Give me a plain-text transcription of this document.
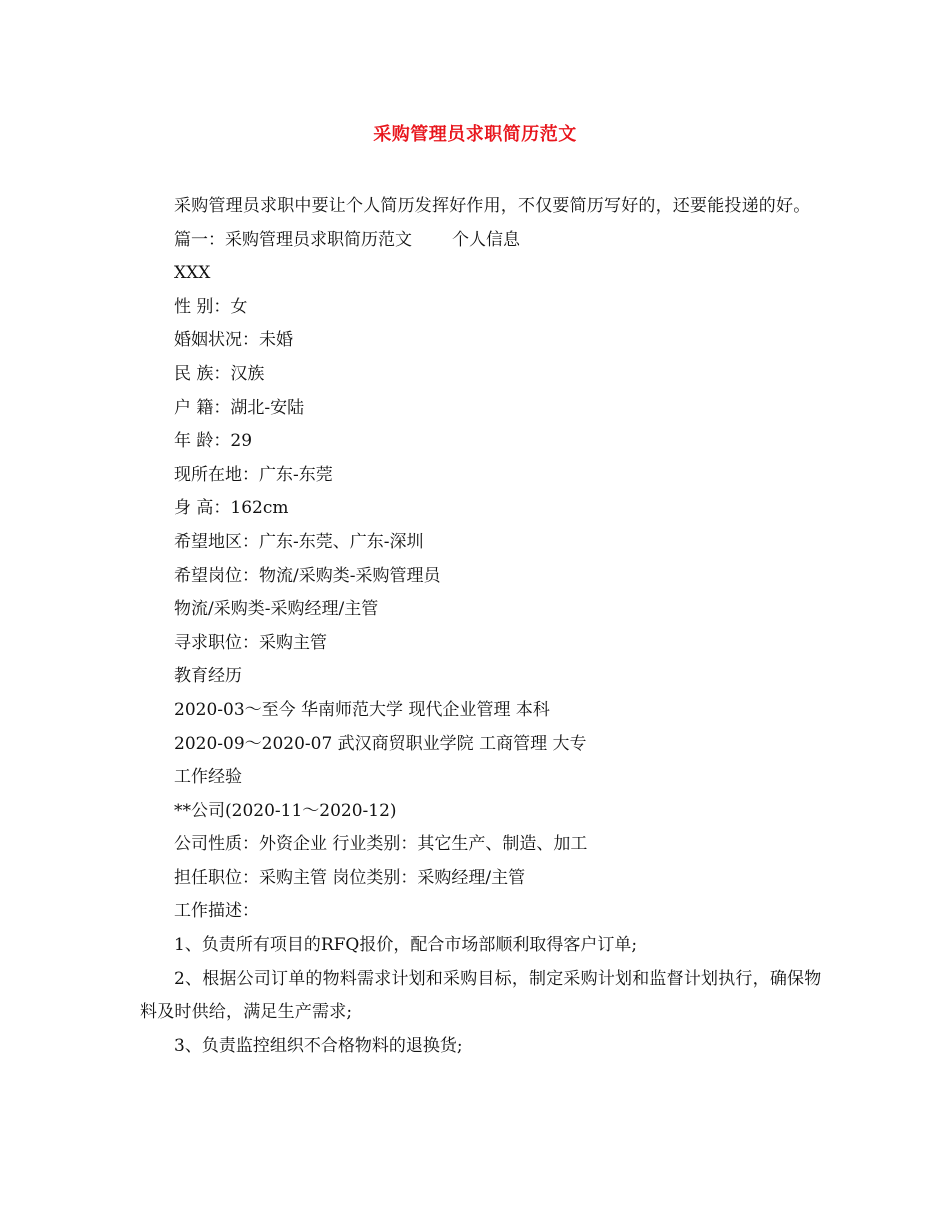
采购管理员求职简历范文

采购管理员求职中要让个人简历发挥好作用，不仅要简历写好的，还要能投递的好。

篇一：采购管理员求职简历范文 个人信息

XXX

性 别：女

婚姻状况：未婚

民 族：汉族

户 籍：湖北-安陆

年 龄：29

现所在地：广东-东莞

身 高：162cm

希望地区：广东-东莞、广东-深圳

希望岗位：物流/采购类-采购管理员

物流/采购类-采购经理/主管

寻求职位：采购主管

教育经历

2020-03～至今 华南师范大学 现代企业管理 本科

2020-09～2020-07 武汉商贸职业学院 工商管理 大专

工作经验

**公司(2020-11～2020-12)

公司性质：外资企业 行业类别：其它生产、制造、加工

担任职位：采购主管 岗位类别：采购经理/主管

工作描述：

1、负责所有项目的RFQ报价，配合市场部顺利取得客户订单;

2、根据公司订单的物料需求计划和采购目标，制定采购计划和监督计划执行，确保物料及时供给，满足生产需求;

3、负责监控组织不合格物料的退换货;
